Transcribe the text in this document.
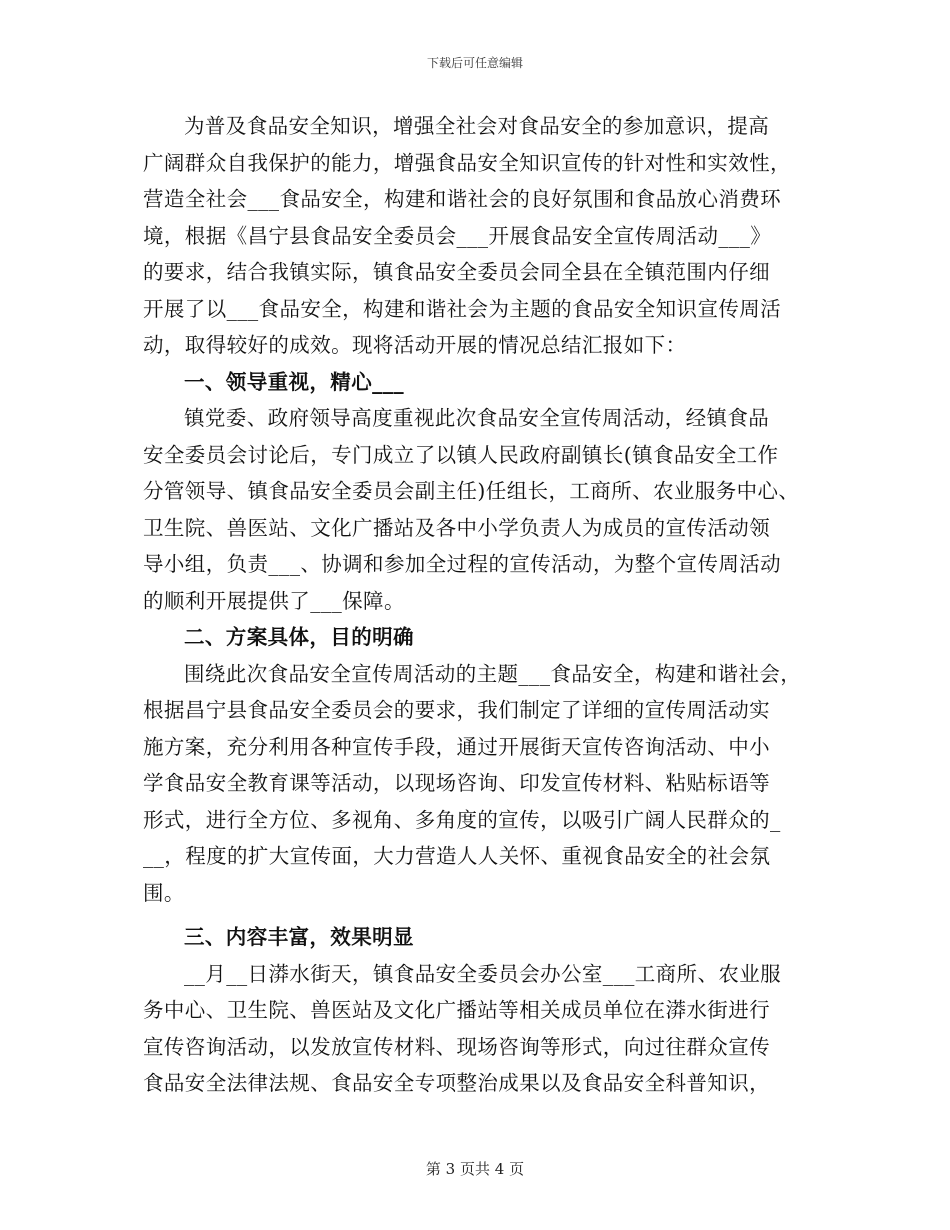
下载后可任意编辑
为普及食品安全知识，增强全社会对食品安全的参加意识，提高
广阔群众自我保护的能力，增强食品安全知识宣传的针对性和实效性，
营造全社会___食品安全，构建和谐社会的良好氛围和食品放心消费环
境，根据《昌宁县食品安全委员会___开展食品安全宣传周活动___》
的要求，结合我镇实际，镇食品安全委员会同全县在全镇范围内仔细
开展了以___食品安全，构建和谐社会为主题的食品安全知识宣传周活
动，取得较好的成效。现将活动开展的情况总结汇报如下：
一、领导重视，精心___
镇党委、政府领导高度重视此次食品安全宣传周活动，经镇食品
安全委员会讨论后，专门成立了以镇人民政府副镇长(镇食品安全工作
分管领导、镇食品安全委员会副主任)任组长，工商所、农业服务中心、
卫生院、兽医站、文化广播站及各中小学负责人为成员的宣传活动领
导小组，负责___、协调和参加全过程的宣传活动，为整个宣传周活动
的顺利开展提供了___保障。
二、方案具体，目的明确
围绕此次食品安全宣传周活动的主题___食品安全，构建和谐社会，
根据昌宁县食品安全委员会的要求，我们制定了详细的宣传周活动实
施方案，充分利用各种宣传手段，通过开展街天宣传咨询活动、中小
学食品安全教育课等活动，以现场咨询、印发宣传材料、粘贴标语等
形式，进行全方位、多视角、多角度的宣传，以吸引广阔人民群众的_
__，程度的扩大宣传面，大力营造人人关怀、重视食品安全的社会氛
围。
三、内容丰富，效果明显
__月__日漭水街天，镇食品安全委员会办公室___工商所、农业服
务中心、卫生院、兽医站及文化广播站等相关成员单位在漭水街进行
宣传咨询活动，以发放宣传材料、现场咨询等形式，向过往群众宣传
食品安全法律法规、食品安全专项整治成果以及食品安全科普知识，
第 3 页共 4 页
